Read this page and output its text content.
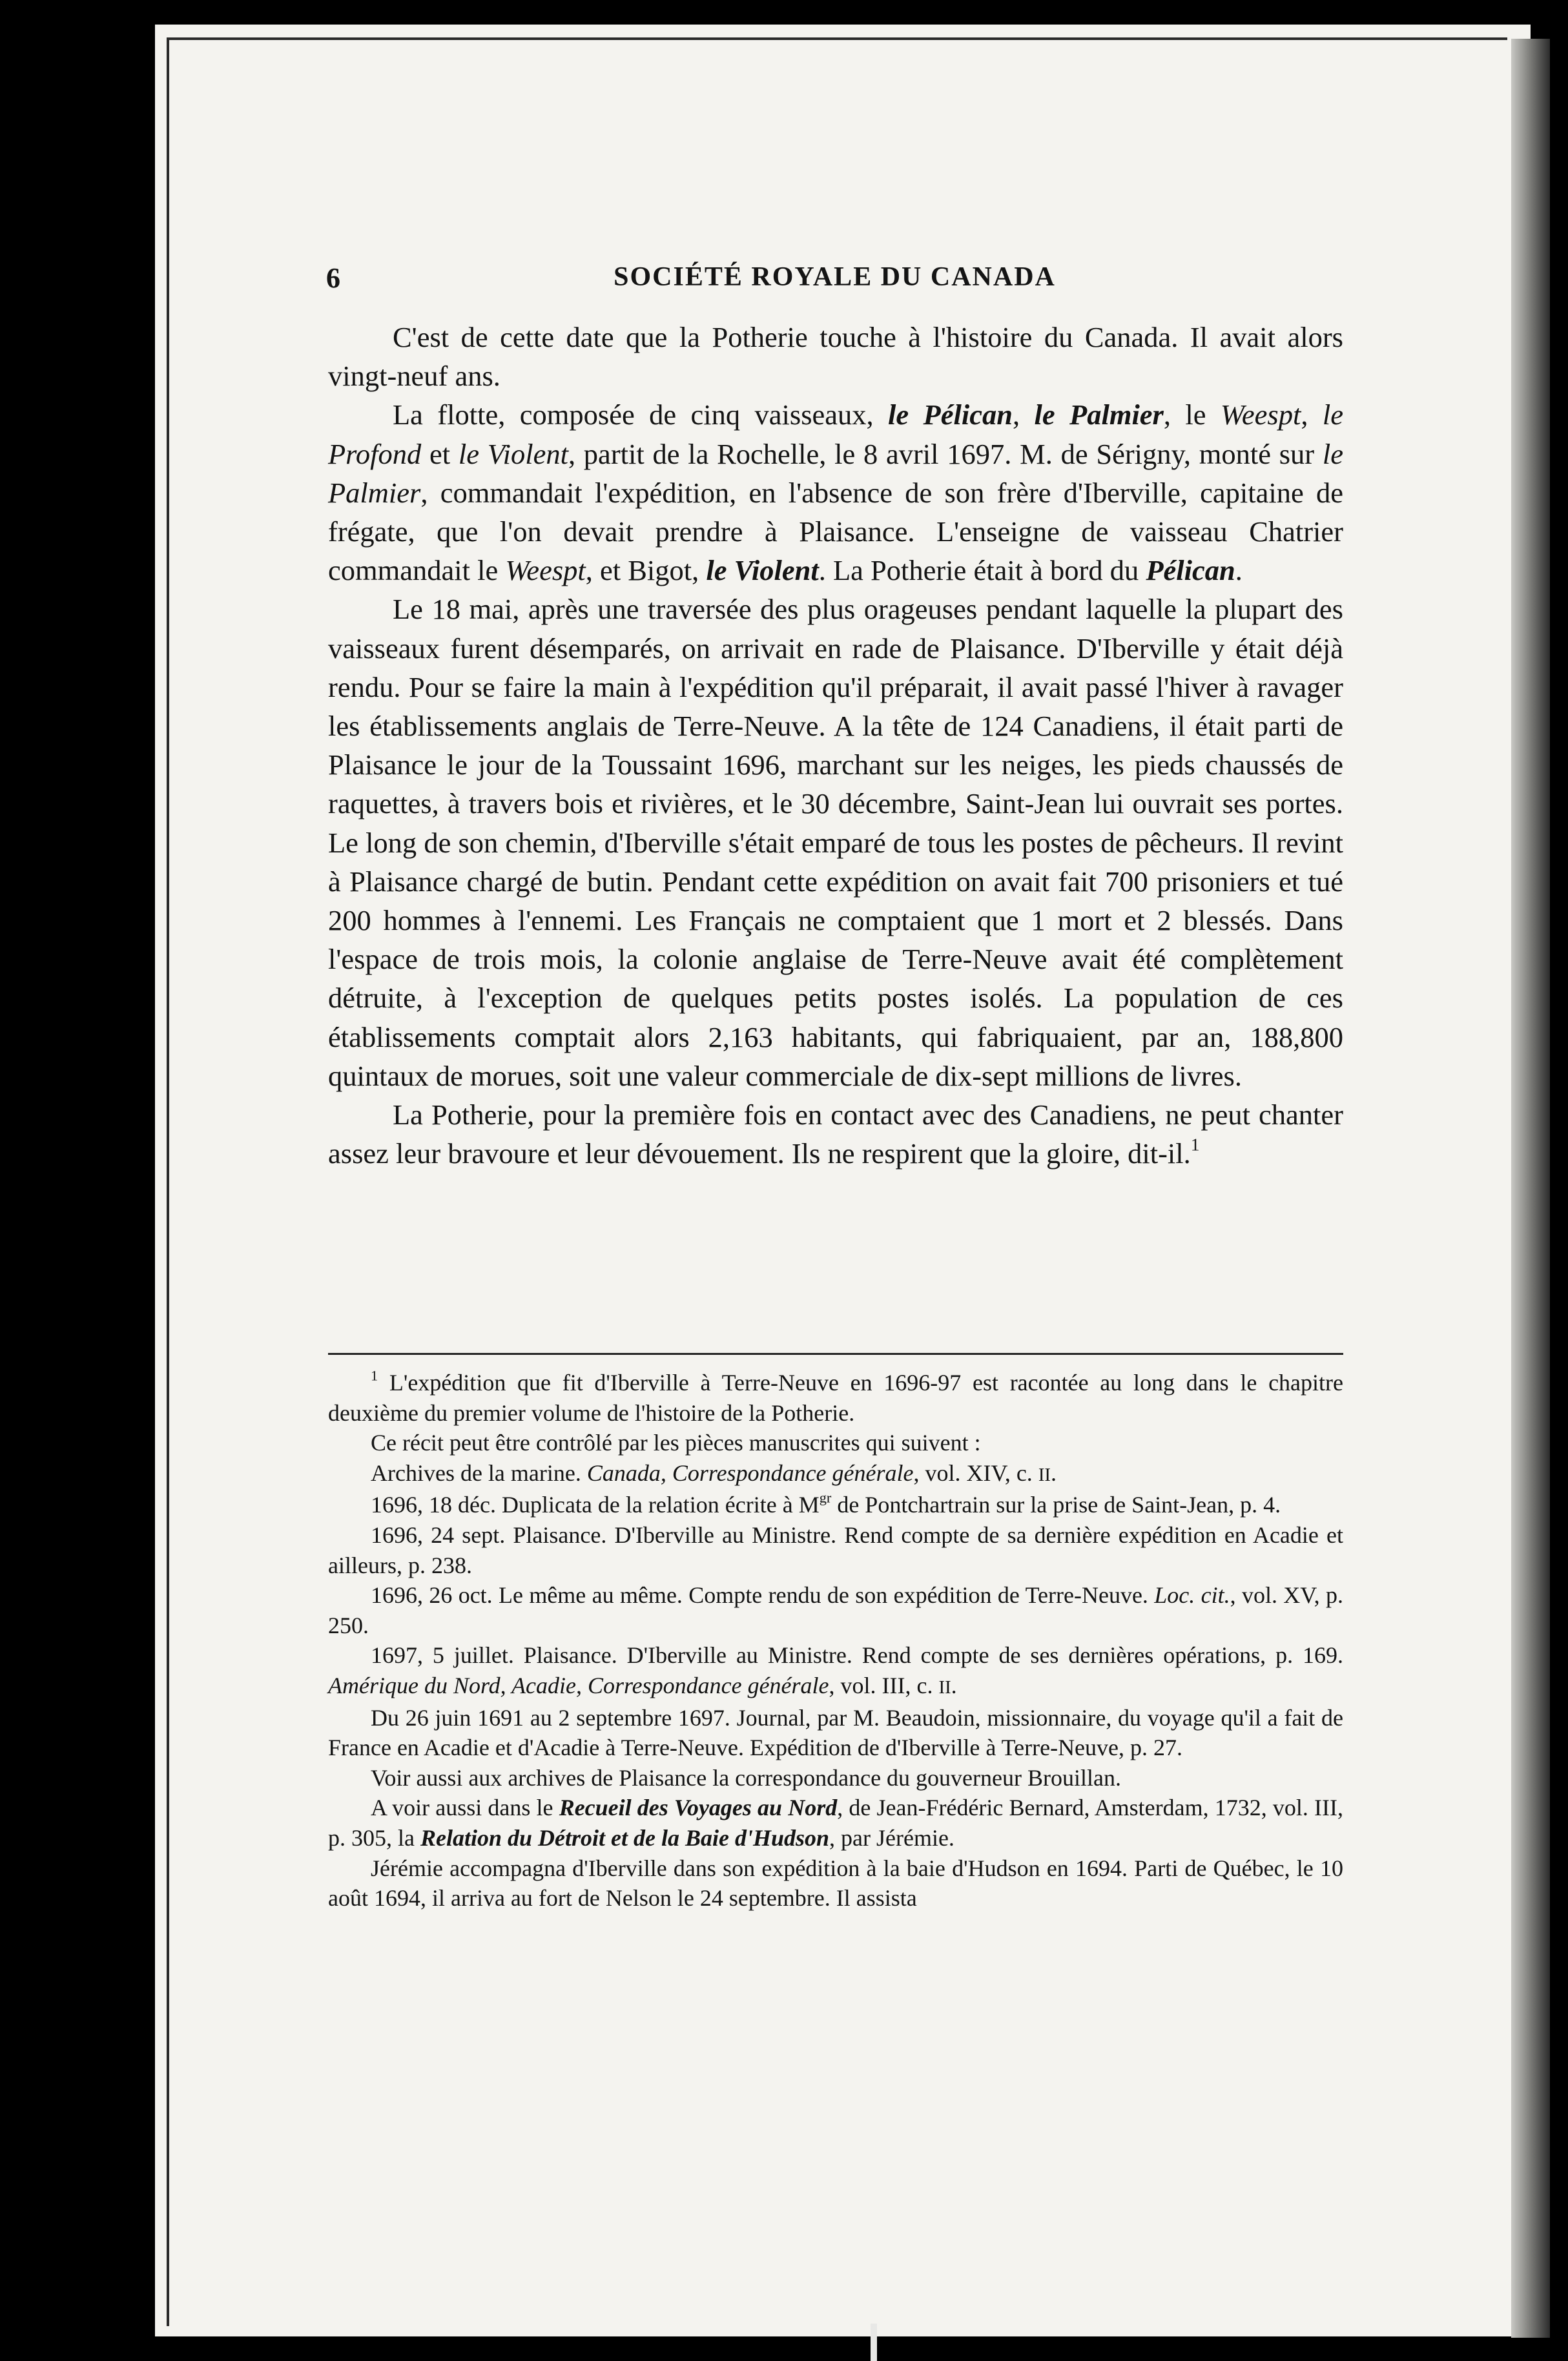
6	SOCIÉTÉ ROYALE DU CANADA

C'est de cette date que la Potherie touche à l'histoire du Canada. Il avait alors vingt-neuf ans.

La flotte, composée de cinq vaisseaux, le Pélican, le Palmier, le Weespt, le Profond et le Violent, partit de la Rochelle, le 8 avril 1697. M. de Sérigny, monté sur le Palmier, commandait l'expédition, en l'absence de son frère d'Iberville, capitaine de frégate, que l'on devait prendre à Plaisance. L'enseigne de vaisseau Chatrier commandait le Weespt, et Bigot, le Violent. La Potherie était à bord du Pélican.

Le 18 mai, après une traversée des plus orageuses pendant laquelle la plupart des vaisseaux furent désemparés, on arrivait en rade de Plaisance. D'Iberville y était déjà rendu. Pour se faire la main à l'expédition qu'il préparait, il avait passé l'hiver à ravager les établissements anglais de Terre-Neuve. A la tête de 124 Canadiens, il était parti de Plaisance le jour de la Toussaint 1696, marchant sur les neiges, les pieds chaussés de raquettes, à travers bois et rivières, et le 30 décembre, Saint-Jean lui ouvrait ses portes. Le long de son chemin, d'Iberville s'était emparé de tous les postes de pêcheurs. Il revint à Plaisance chargé de butin. Pendant cette expédition on avait fait 700 prisoniers et tué 200 hommes à l'ennemi. Les Français ne comptaient que 1 mort et 2 blessés. Dans l'espace de trois mois, la colonie anglaise de Terre-Neuve avait été complètement détruite, à l'exception de quelques petits postes isolés. La population de ces établissements comptait alors 2,163 habitants, qui fabriquaient, par an, 188,800 quintaux de morues, soit une valeur commerciale de dix-sept millions de livres.

La Potherie, pour la première fois en contact avec des Canadiens, ne peut chanter assez leur bravoure et leur dévouement. Ils ne respirent que la gloire, dit-il.$^1$

$^1$ L'expédition que fit d'Iberville à Terre-Neuve en 1696-97 est racontée au long dans le chapitre deuxième du premier volume de l'histoire de la Potherie.

Ce récit peut être contrôlé par les pièces manuscrites qui suivent :

Archives de la marine. Canada, Correspondance générale, vol. XIV, c. II.

1696, 18 déc. Duplicata de la relation écrite à $M^{gr}$ de Pontchartrain sur la prise de Saint-Jean, p. 4.

1696, 24 sept. Plaisance. D'Iberville au Ministre. Rend compte de sa dernière expédition en Acadie et ailleurs, p. 238.

1696, 26 oct. Le même au même. Compte rendu de son expédition de Terre-Neuve. Loc. cit., vol. XV, p. 250.

1697, 5 juillet. Plaisance. D'Iberville au Ministre. Rend compte de ses dernières opérations, p. 169. Amérique du Nord, Acadie, Correspondance générale, vol. III, c. II.

Du 26 juin 1691 au 2 septembre 1697. Journal, par M. Beaudoin, missionnaire, du voyage qu'il a fait de France en Acadie et d'Acadie à Terre-Neuve. Expédition de d'Iberville à Terre-Neuve, p. 27.

Voir aussi aux archives de Plaisance la correspondance du gouverneur Brouillan.

A voir aussi dans le Recueil des Voyages au Nord, de Jean-Frédéric Bernard, Amsterdam, 1732, vol. III, p. 305, la Relation du Détroit et de la Baie d'Hudson, par Jérémie.

Jérémie accompagna d'Iberville dans son expédition à la baie d'Hudson en 1694. Parti de Québec, le 10 août 1694, il arriva au fort de Nelson le 24 septembre. Il assista
